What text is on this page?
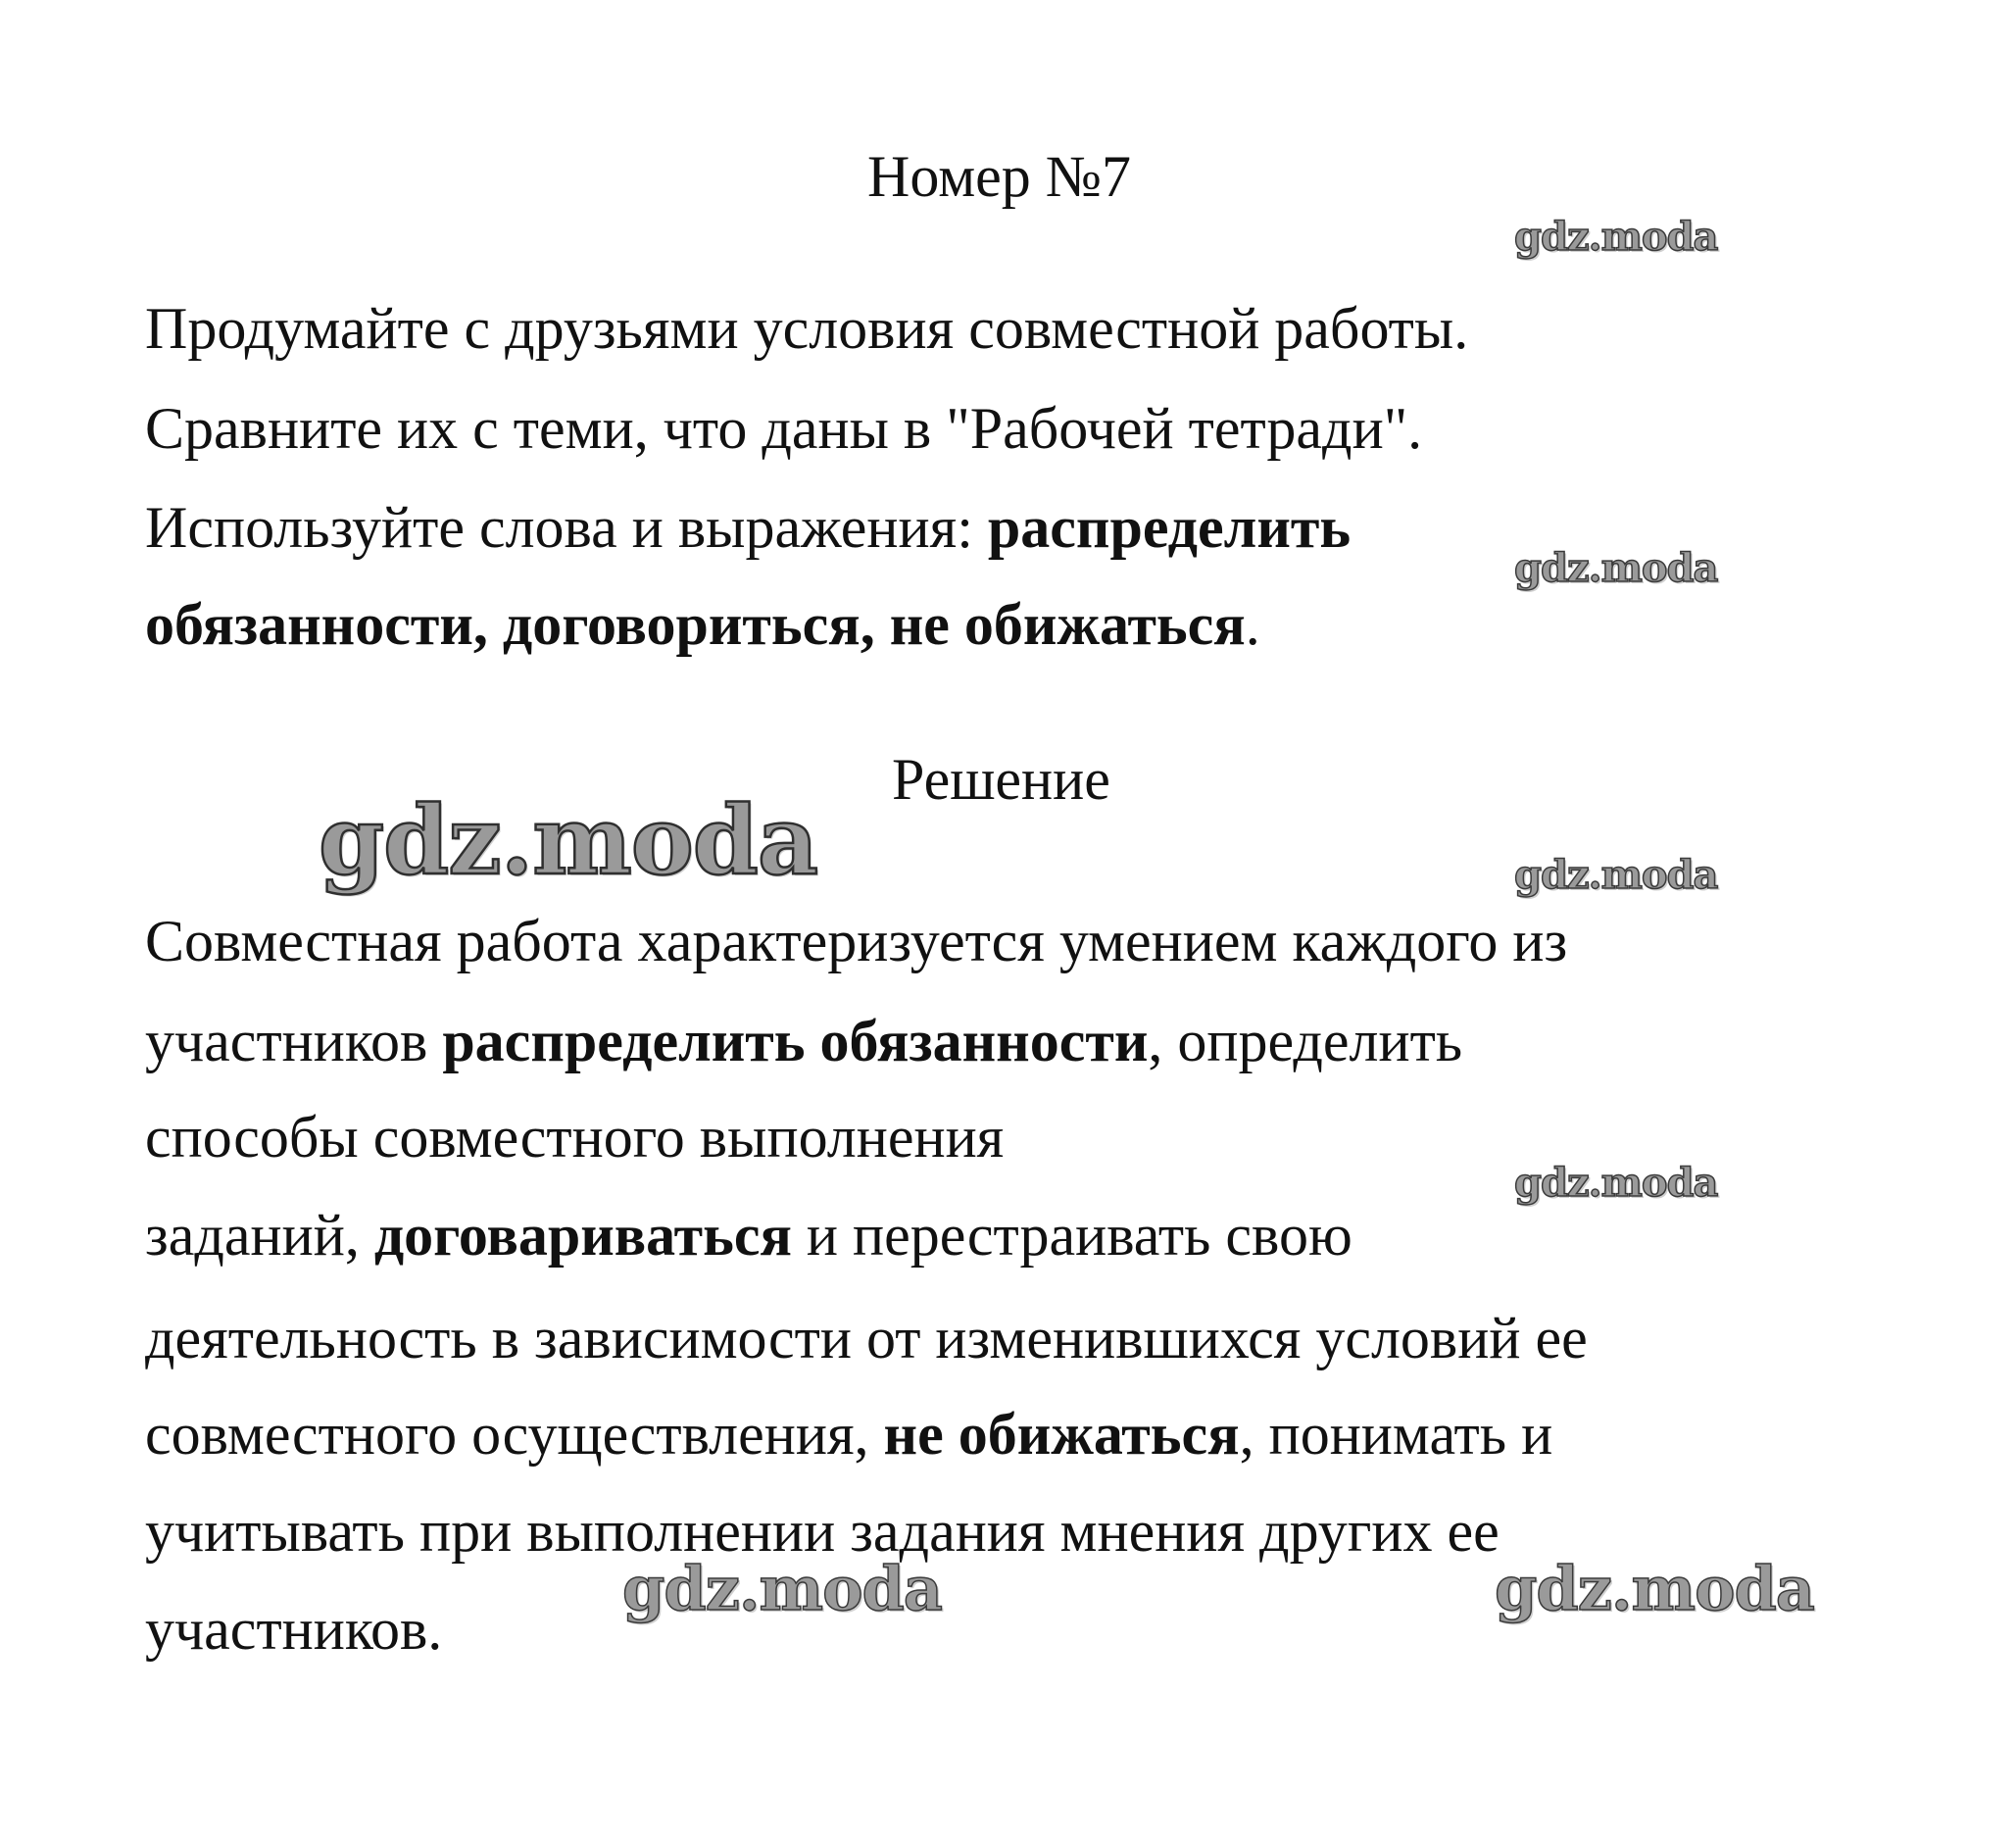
Номер №7
Продумайте с друзьями условия совместной работы.
Сравните их с теми, что даны в "Рабочей тетради".
Используйте слова и выражения: распределить
обязанности, договориться, не обижаться.
Решение
Совместная работа характеризуется умением каждого из
участников распределить обязанности, определить
способы совместного выполнения
заданий, договариваться и перестраивать свою
деятельность в зависимости от изменившихся условий ее
совместного осуществления, не обижаться, понимать и
учитывать при выполнении задания мнения других ее
участников.
gdz.moda
gdz.moda
gdz.moda	gdz.moda
gdz.moda
gdz.moda	gdz.moda
